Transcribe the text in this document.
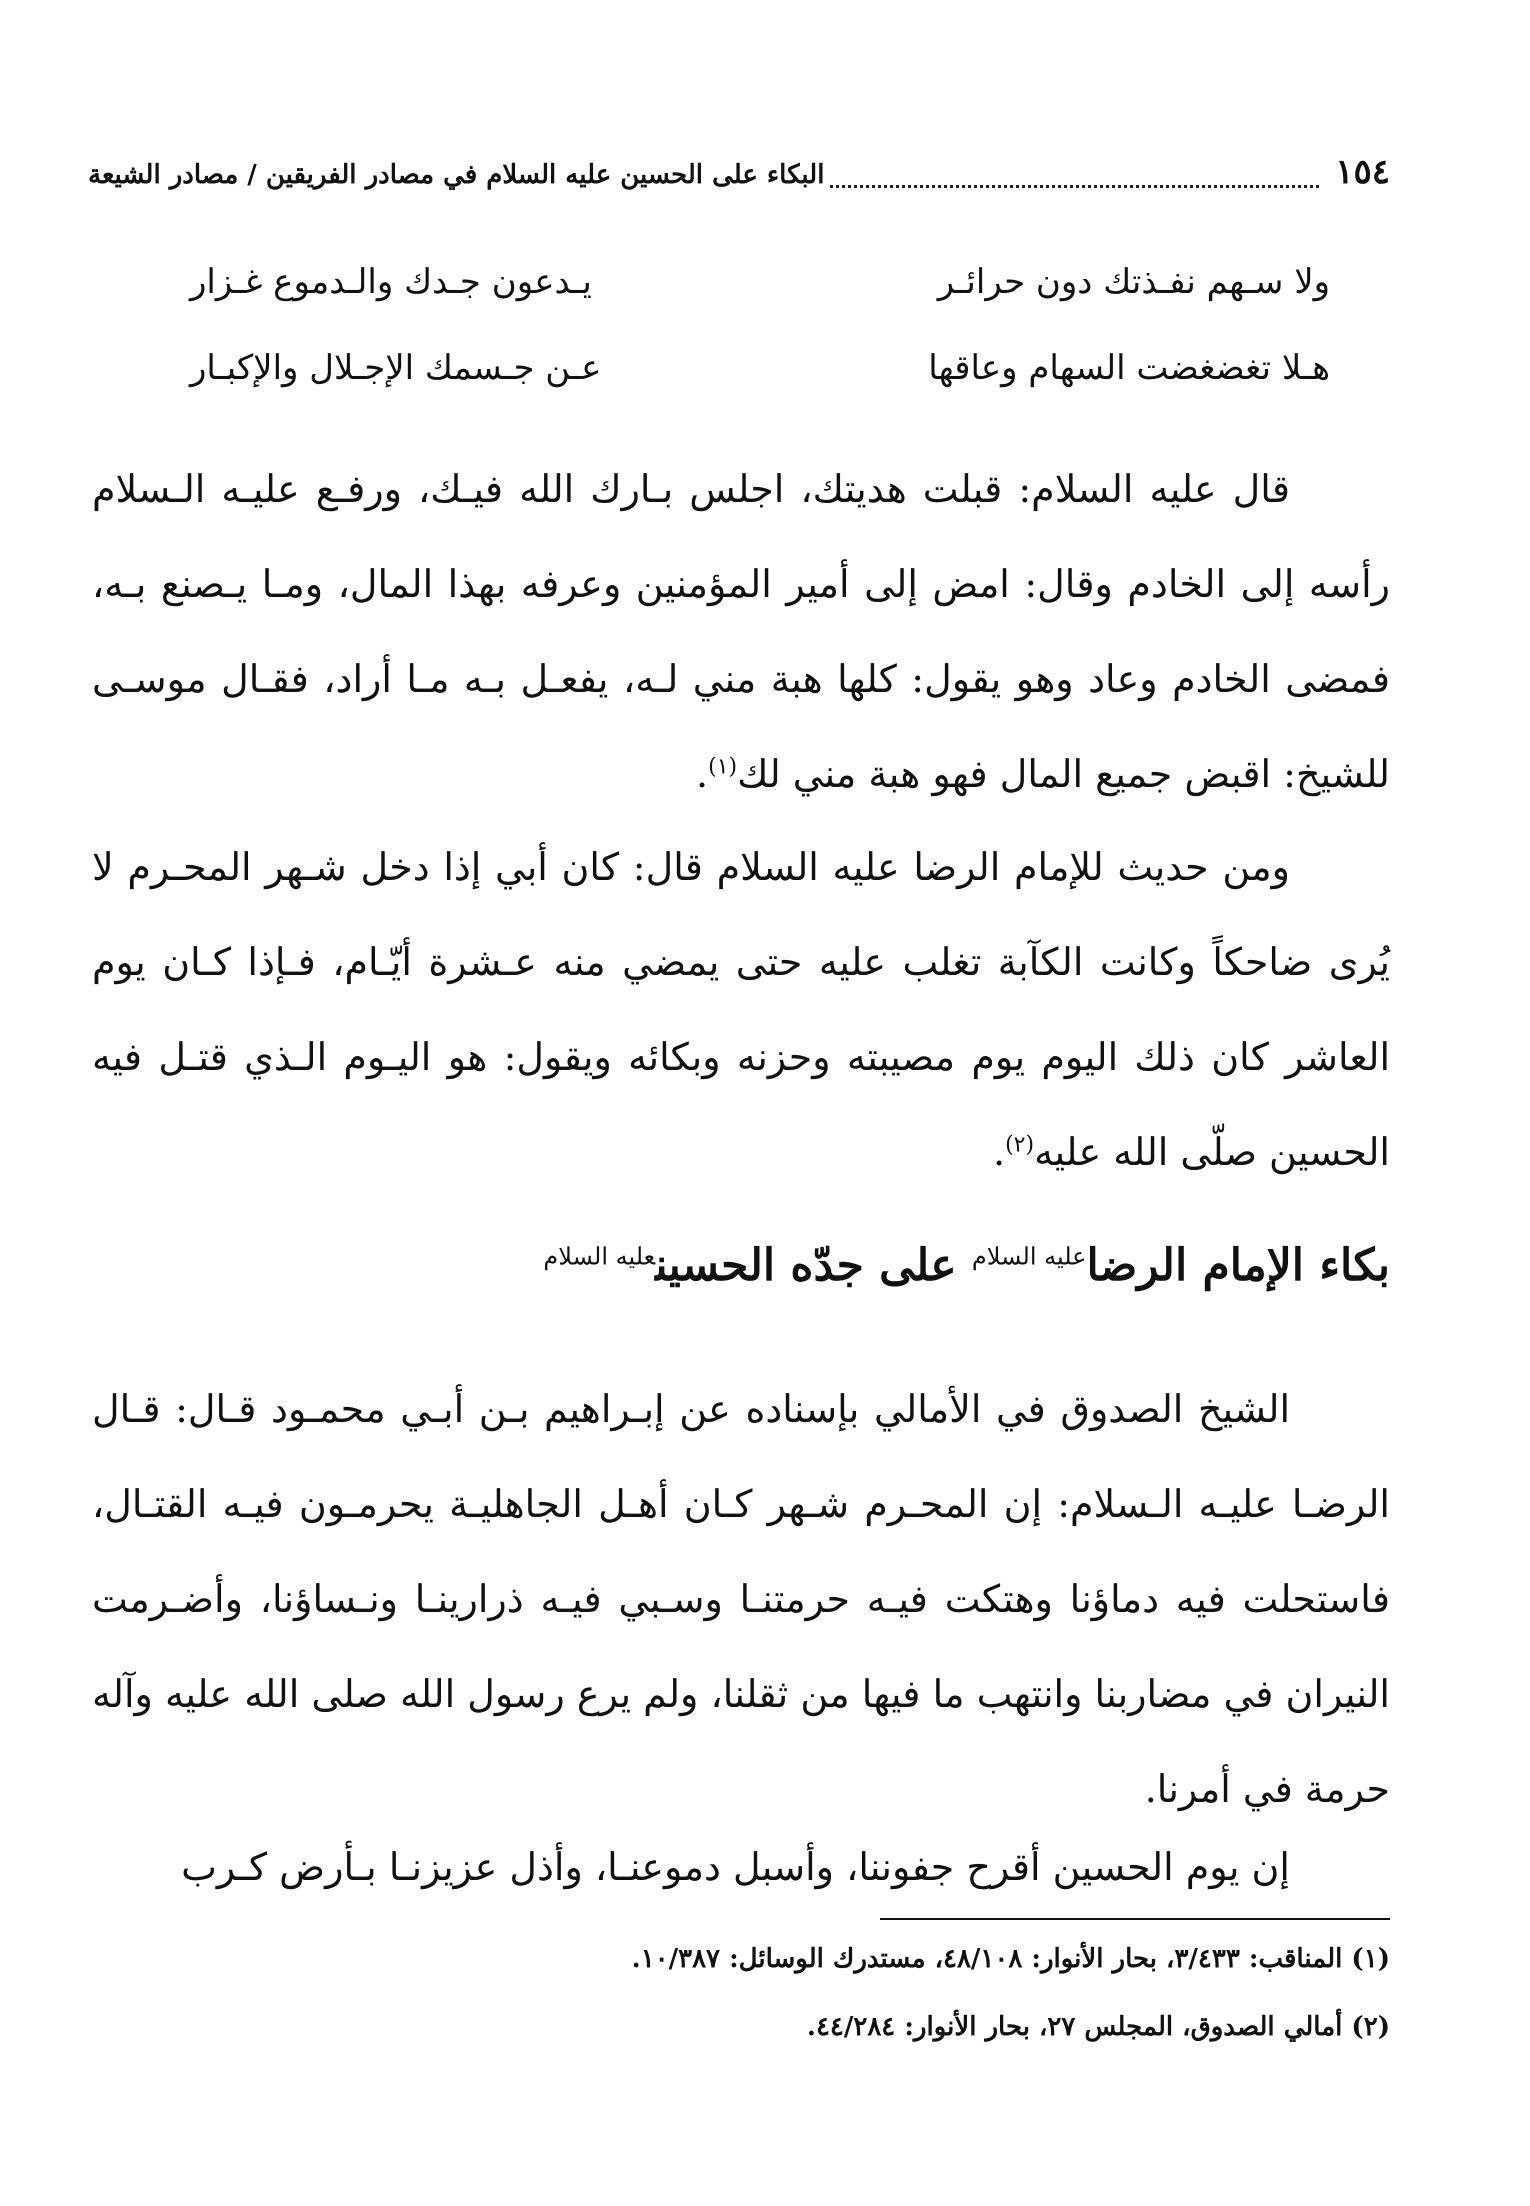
١٥٤
البكاء على الحسين عليه السلام في مصادر الفريقين / مصادر الشيعة
ولا سـهم نفـذتك دون حرائـر
يـدعون جـدك والـدموع غـزار
هـلا تغضغضت السهام وعاقها
عـن جـسمك الإجـلال والإكبـار

قال عليه السلام: قبلت هديتك، اجلس بـارك الله فيـك، ورفـع عليـه الـسلام رأسه إلى الخادم وقال: امض إلى أمير المؤمنين وعرفه بهذا المال، ومـا يـصنع بـه، فمضى الخادم وعاد وهو يقول: كلها هبة مني لـه، يفعـل بـه مـا أراد، فقـال موسـى للشيخ: اقبض جميع المال فهو هبة مني لك$^{(١)}$.

ومن حديث للإمام الرضا عليه السلام قال: كان أبي إذا دخل شـهر المحـرم لا يُرى ضاحكاً وكانت الكآبة تغلب عليه حتى يمضي منه عـشرة أيّـام، فـإذا كـان يوم العاشر كان ذلك اليوم يوم مصيبته وحزنه وبكائه ويقول: هو اليـوم الـذي قتـل فيه الحسين صلّى الله عليه$^{(٢)}$.

بكاء الإمام الرضا$^{عليه السلام}$ على جدّه الحسين$^{عليه السلام}$

الشيخ الصدوق في الأمالي بإسناده عن إبـراهيم بـن أبـي محمـود قـال: قـال الرضـا عليـه الـسلام: إن المحـرم شـهر كـان أهـل الجاهليـة يحرمـون فيـه القتـال، فاستحلت فيه دماؤنا وهتكت فيـه حرمتنـا وسـبي فيـه ذرارينـا ونـساؤنا، وأضـرمت النيران في مضاربنا وانتهب ما فيها من ثقلنا، ولم يرع رسول الله صلى الله عليه وآله حرمة في أمرنا.

إن يوم الحسين أقرح جفوننا، وأسبل دموعنـا، وأذل عزيزنـا بـأرض كـرب

(١) المناقب: ٣/٤٣٣، بحار الأنوار: ٤٨/١٠٨، مستدرك الوسائل: ١٠/٣٨٧.
(٢) أمالي الصدوق، المجلس ٢٧، بحار الأنوار: ٤٤/٢٨٤.
